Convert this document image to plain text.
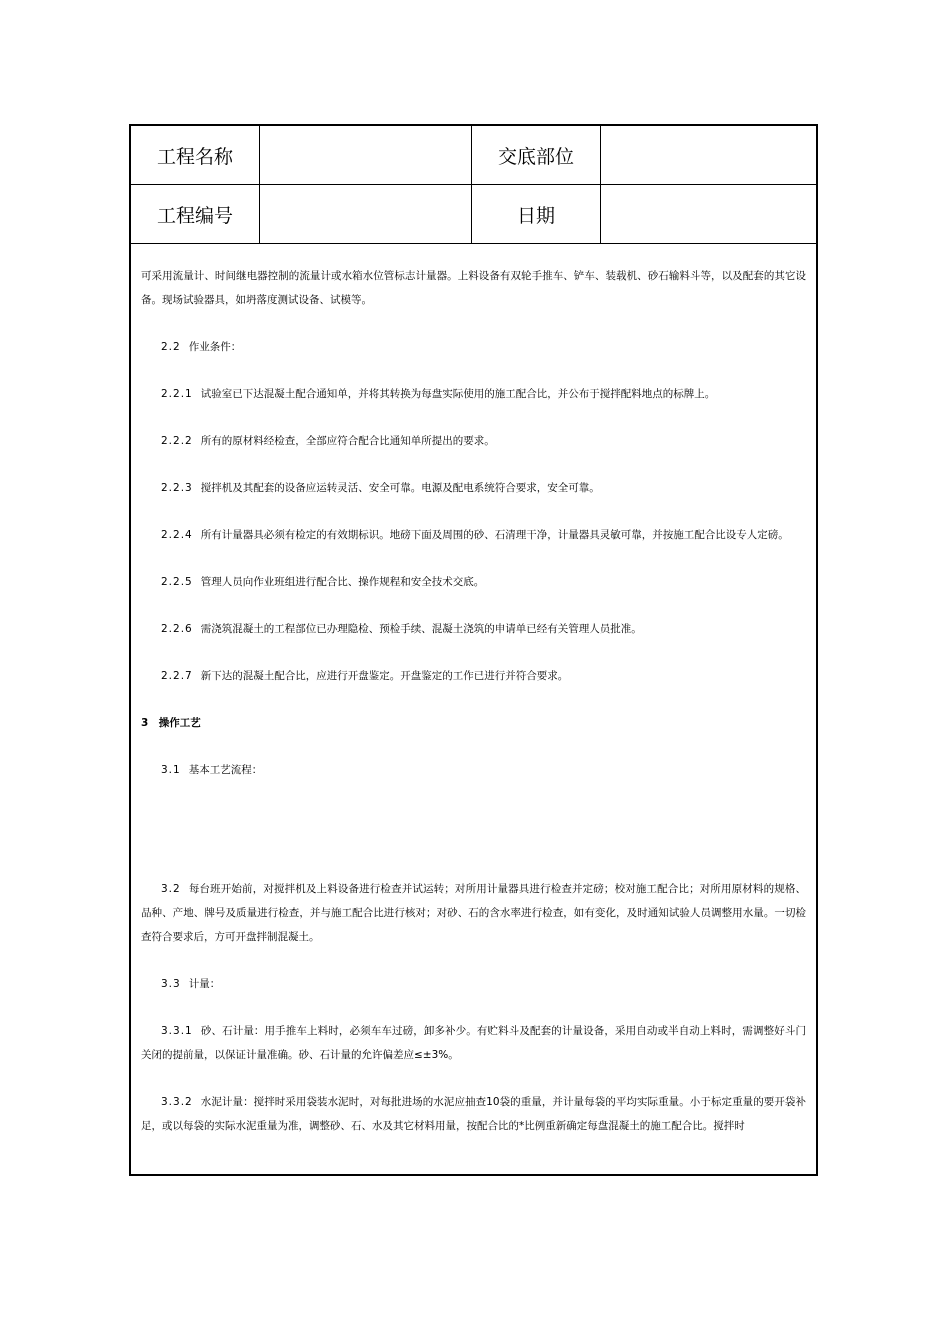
工程名称		交底部位	
工程编号		日期	

可采用流量计、时间继电器控制的流量计或水箱水位管标志计量器。上料设备有双轮手推车、铲车、装载机、砂石输料斗等，以及配套的其它设备。现场试验器具，如坍落度测试设备、试模等。

2.2 作业条件：

2.2.1 试验室已下达混凝土配合通知单，并将其转换为每盘实际使用的施工配合比，并公布于搅拌配料地点的标牌上。

2.2.2 所有的原材料经检查，全部应符合配合比通知单所提出的要求。

2.2.3 搅拌机及其配套的设备应运转灵活、安全可靠。电源及配电系统符合要求，安全可靠。

2.2.4 所有计量器具必须有检定的有效期标识。地磅下面及周围的砂、石清理干净，计量器具灵敏可靠，并按施工配合比设专人定磅。

2.2.5 管理人员向作业班组进行配合比、操作规程和安全技术交底。

2.2.6 需浇筑混凝土的工程部位已办理隐检、预检手续、混凝土浇筑的申请单已经有关管理人员批准。

2.2.7 新下达的混凝土配合比，应进行开盘鉴定。开盘鉴定的工作已进行并符合要求。

3　操作工艺

3.1 基本工艺流程：

3.2 每台班开始前，对搅拌机及上料设备进行检查并试运转；对所用计量器具进行检查并定磅；校对施工配合比；对所用原材料的规格、品种、产地、牌号及质量进行检查，并与施工配合比进行核对；对砂、石的含水率进行检查，如有变化，及时通知试验人员调整用水量。一切检查符合要求后，方可开盘拌制混凝土。

3.3 计量：

3.3.1 砂、石计量：用手推车上料时，必须车车过磅，卸多补少。有贮料斗及配套的计量设备，采用自动或半自动上料时，需调整好斗门关闭的提前量，以保证计量准确。砂、石计量的允许偏差应≤±3%。

3.3.2 水泥计量：搅拌时采用袋装水泥时，对每批进场的水泥应抽查10袋的重量，并计量每袋的平均实际重量。小于标定重量的要开袋补足，或以每袋的实际水泥重量为准，调整砂、石、水及其它材料用量，按配合比的*比例重新确定每盘混凝土的施工配合比。搅拌时
